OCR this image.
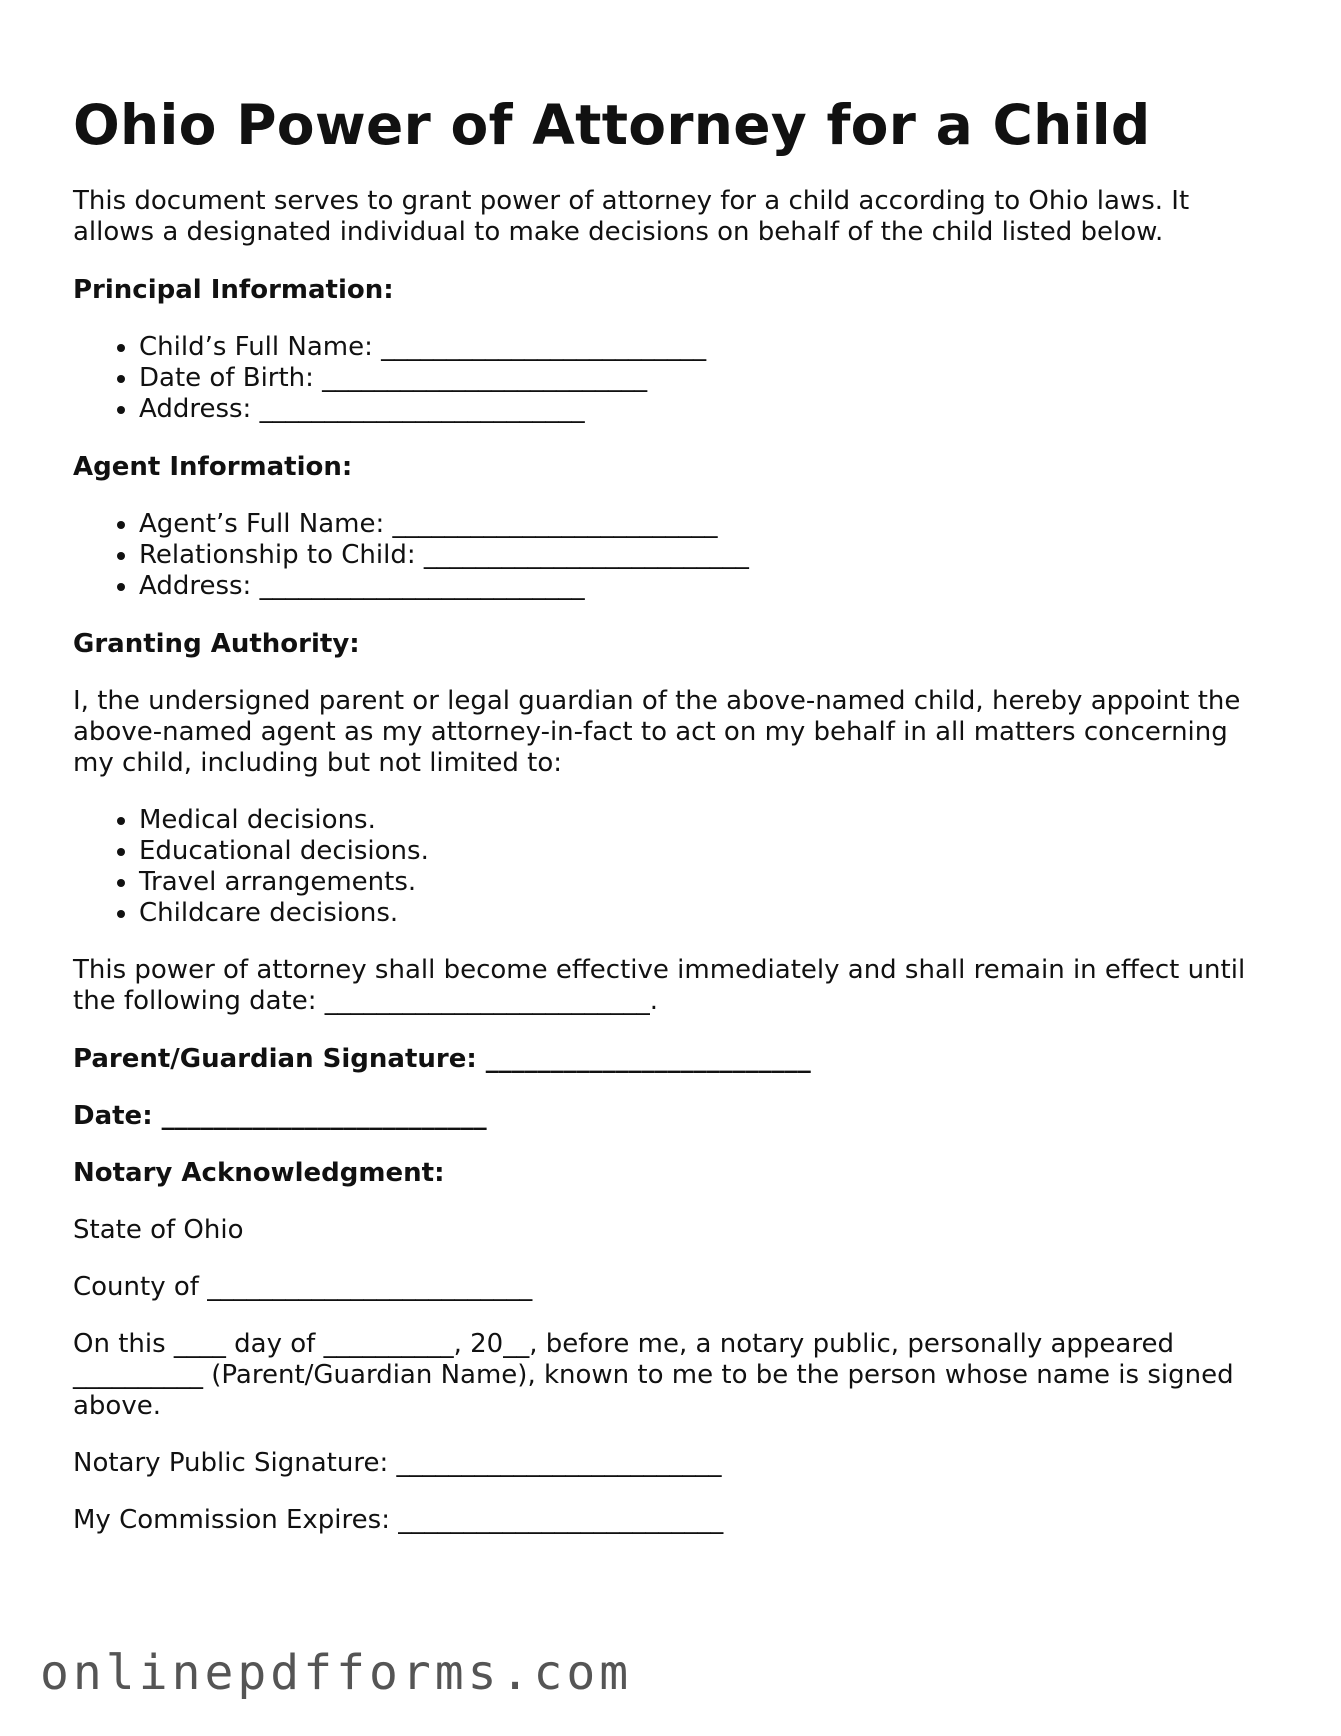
Ohio Power of Attorney for a Child

This document serves to grant power of attorney for a child according to Ohio laws. It allows a designated individual to make decisions on behalf of the child listed below.

Principal Information:

• Child’s Full Name: _________________________
• Date of Birth: _________________________
• Address: _________________________

Agent Information:

• Agent’s Full Name: _________________________
• Relationship to Child: _________________________
• Address: _________________________

Granting Authority:

I, the undersigned parent or legal guardian of the above-named child, hereby appoint the above-named agent as my attorney-in-fact to act on my behalf in all matters concerning my child, including but not limited to:

• Medical decisions.
• Educational decisions.
• Travel arrangements.
• Childcare decisions.

This power of attorney shall become effective immediately and shall remain in effect until the following date: _________________________.

Parent/Guardian Signature: _________________________

Date: _________________________

Notary Acknowledgment:

State of Ohio

County of _________________________

On this ____ day of __________, 20__, before me, a notary public, personally appeared __________ (Parent/Guardian Name), known to me to be the person whose name is signed above.

Notary Public Signature: _________________________

My Commission Expires: _________________________

onlinepdfforms.com
